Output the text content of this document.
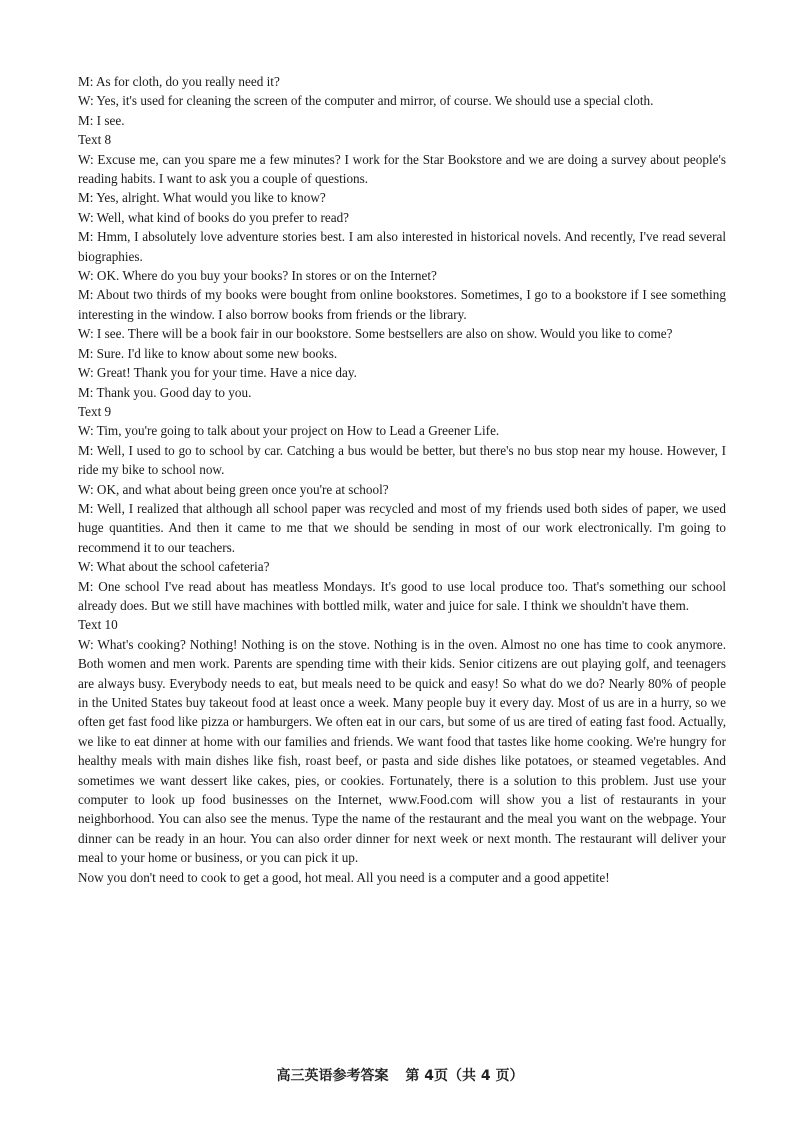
M: As for cloth, do you really need it?

W: Yes, it's used for cleaning the screen of the computer and mirror, of course. We should use a special cloth.

M: I see.

Text 8

W: Excuse me, can you spare me a few minutes? I work for the Star Bookstore and we are doing a survey about people's reading habits. I want to ask you a couple of questions.

M: Yes, alright. What would you like to know?

W: Well, what kind of books do you prefer to read?

M: Hmm, I absolutely love adventure stories best. I am also interested in historical novels. And recently, I've read several biographies.

W: OK. Where do you buy your books? In stores or on the Internet?

M: About two thirds of my books were bought from online bookstores. Sometimes, I go to a bookstore if I see something interesting in the window. I also borrow books from friends or the library.

W: I see. There will be a book fair in our bookstore. Some bestsellers are also on show. Would you like to come?

M: Sure. I'd like to know about some new books.

W: Great! Thank you for your time. Have a nice day.

M: Thank you. Good day to you.

Text 9

W: Tim, you're going to talk about your project on How to Lead a Greener Life.

M: Well, I used to go to school by car. Catching a bus would be better, but there's no bus stop near my house. However, I ride my bike to school now.

W: OK, and what about being green once you're at school?

M: Well, I realized that although all school paper was recycled and most of my friends used both sides of paper, we used huge quantities. And then it came to me that we should be sending in most of our work electronically. I'm going to recommend it to our teachers.

W: What about the school cafeteria?

M: One school I've read about has meatless Mondays. It's good to use local produce too. That's something our school already does. But we still have machines with bottled milk, water and juice for sale. I think we shouldn't have them.

Text 10

W: What's cooking? Nothing! Nothing is on the stove. Nothing is in the oven. Almost no one has time to cook anymore. Both women and men work. Parents are spending time with their kids. Senior citizens are out playing golf, and teenagers are always busy. Everybody needs to eat, but meals need to be quick and easy! So what do we do? Nearly 80% of people in the United States buy takeout food at least once a week. Many people buy it every day. Most of us are in a hurry, so we often get fast food like pizza or hamburgers. We often eat in our cars, but some of us are tired of eating fast food. Actually, we like to eat dinner at home with our families and friends. We want food that tastes like home cooking. We're hungry for healthy meals with main dishes like fish, roast beef, or pasta and side dishes like potatoes, or steamed vegetables. And sometimes we want dessert like cakes, pies, or cookies. Fortunately, there is a solution to this problem. Just use your computer to look up food businesses on the Internet, www.Food.com will show you a list of restaurants in your neighborhood. You can also see the menus. Type the name of the restaurant and the meal you want on the webpage. Your dinner can be ready in an hour. You can also order dinner for next week or next month. The restaurant will deliver your meal to your home or business, or you can pick it up.

Now you don't need to cook to get a good, hot meal. All you need is a computer and a good appetite!

高三英语参考答案 第 4页（共 4 页）
